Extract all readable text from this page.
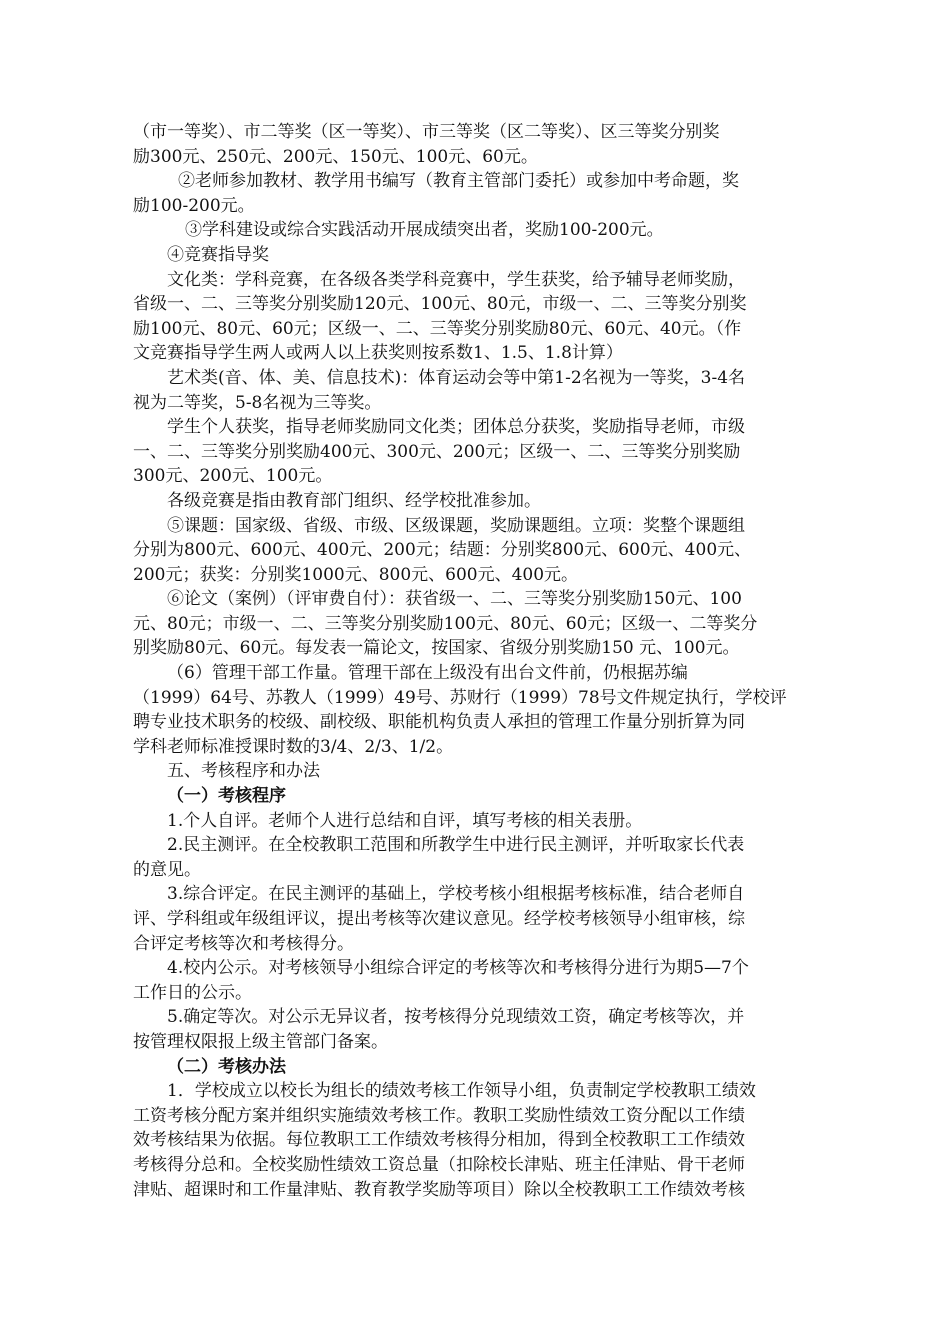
（市一等奖）、市二等奖（区一等奖）、市三等奖（区二等奖）、区三等奖分别奖
励300元、250元、200元、150元、100元、60元。
②老师参加教材、教学用书编写（教育主管部门委托）或参加中考命题，奖
励100-200元。
③学科建设或综合实践活动开展成绩突出者，奖励100-200元。
④竞赛指导奖
文化类：学科竞赛，在各级各类学科竞赛中，学生获奖，给予辅导老师奖励，
省级一、二、三等奖分别奖励120元、100元、80元，市级一、二、三等奖分别奖
励100元、80元、60元；区级一、二、三等奖分别奖励80元、60元、40元。（作
文竞赛指导学生两人或两人以上获奖则按系数1、1.5、1.8计算）
艺术类(音、体、美、信息技术)：体育运动会等中第1-2名视为一等奖，3-4名
视为二等奖，5-8名视为三等奖。
学生个人获奖，指导老师奖励同文化类；团体总分获奖，奖励指导老师，市级
一、二、三等奖分别奖励400元、300元、200元；区级一、二、三等奖分别奖励
300元、200元、100元。
各级竞赛是指由教育部门组织、经学校批准参加。
⑤课题：国家级、省级、市级、区级课题，奖励课题组。立项：奖整个课题组
分别为800元、600元、400元、200元；结题：分别奖800元、600元、400元、
200元；获奖：分别奖1000元、800元、600元、400元。
⑥论文（案例）（评审费自付）：获省级一、二、三等奖分别奖励150元、100
元、80元；市级一、二、三等奖分别奖励100元、80元、60元；区级一、二等奖分
别奖励80元、60元。每发表一篇论文，按国家、省级分别奖励150 元、100元。
（6）管理干部工作量。管理干部在上级没有出台文件前，仍根据苏编
（1999）64号、苏教人（1999）49号、苏财行（1999）78号文件规定执行，学校评
聘专业技术职务的校级、副校级、职能机构负责人承担的管理工作量分别折算为同
学科老师标准授课时数的3/4、2/3、1/2。
五、考核程序和办法
（一）考核程序
1.个人自评。老师个人进行总结和自评，填写考核的相关表册。
2.民主测评。在全校教职工范围和所教学生中进行民主测评，并听取家长代表
的意见。
3.综合评定。在民主测评的基础上，学校考核小组根据考核标准，结合老师自
评、学科组或年级组评议，提出考核等次建议意见。经学校考核领导小组审核，综
合评定考核等次和考核得分。
4.校内公示。对考核领导小组综合评定的考核等次和考核得分进行为期5—7个
工作日的公示。
5.确定等次。对公示无异议者，按考核得分兑现绩效工资，确定考核等次，并
按管理权限报上级主管部门备案。
（二）考核办法
1．学校成立以校长为组长的绩效考核工作领导小组，负责制定学校教职工绩效
工资考核分配方案并组织实施绩效考核工作。教职工奖励性绩效工资分配以工作绩
效考核结果为依据。每位教职工工作绩效考核得分相加，得到全校教职工工作绩效
考核得分总和。全校奖励性绩效工资总量（扣除校长津贴、班主任津贴、骨干老师
津贴、超课时和工作量津贴、教育教学奖励等项目）除以全校教职工工作绩效考核
